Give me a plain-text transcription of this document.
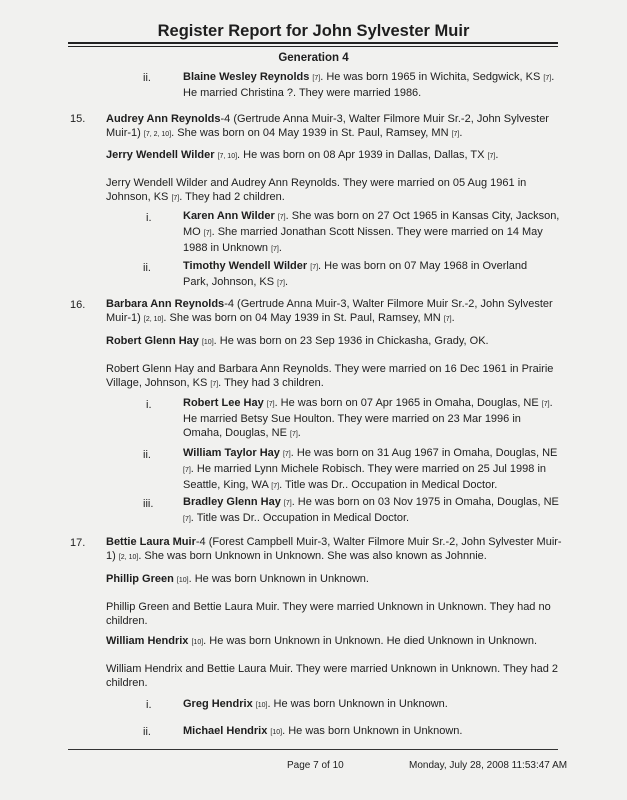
Register Report for John Sylvester Muir
Generation 4
ii.	Blaine Wesley Reynolds [7]. He was born 1965 in Wichita, Sedgwick, KS [7]. He married Christina ?. They were married 1986.

15. Audrey Ann Reynolds-4 (Gertrude Anna Muir-3, Walter Filmore Muir Sr.-2, John Sylvester Muir-1) [7, 2, 10]. She was born on 04 May 1939 in St. Paul, Ramsey, MN [7].

Jerry Wendell Wilder [7, 10]. He was born on 08 Apr 1939 in Dallas, Dallas, TX [7].

Jerry Wendell Wilder and Audrey Ann Reynolds. They were married on 05 Aug 1961 in Johnson, KS [7]. They had 2 children.

i.	Karen Ann Wilder [7]. She was born on 27 Oct 1965 in Kansas City, Jackson, MO [7]. She married Jonathan Scott Nissen. They were married on 14 May 1988 in Unknown [7].

ii.	Timothy Wendell Wilder [7]. He was born on 07 May 1968 in Overland Park, Johnson, KS [7].

16. Barbara Ann Reynolds-4 (Gertrude Anna Muir-3, Walter Filmore Muir Sr.-2, John Sylvester Muir-1) [2, 10]. She was born on 04 May 1939 in St. Paul, Ramsey, MN [7].

Robert Glenn Hay [10]. He was born on 23 Sep 1936 in Chickasha, Grady, OK.

Robert Glenn Hay and Barbara Ann Reynolds. They were married on 16 Dec 1961 in Prairie Village, Johnson, KS [7]. They had 3 children.

i.	Robert Lee Hay [7]. He was born on 07 Apr 1965 in Omaha, Douglas, NE [7]. He married Betsy Sue Houlton. They were married on 23 Mar 1996 in Omaha, Douglas, NE [7].

ii.	William Taylor Hay [7]. He was born on 31 Aug 1967 in Omaha, Douglas, NE [7]. He married Lynn Michele Robisch. They were married on 25 Jul 1998 in Seattle, King, WA [7]. Title was Dr.. Occupation in Medical Doctor.

iii.	Bradley Glenn Hay [7]. He was born on 03 Nov 1975 in Omaha, Douglas, NE [7]. Title was Dr.. Occupation in Medical Doctor.

17. Bettie Laura Muir-4 (Forest Campbell Muir-3, Walter Filmore Muir Sr.-2, John Sylvester Muir-1) [2, 10]. She was born Unknown in Unknown. She was also known as Johnnie.

Phillip Green [10]. He was born Unknown in Unknown.

Phillip Green and Bettie Laura Muir. They were married Unknown in Unknown. They had no children.

William Hendrix [10]. He was born Unknown in Unknown. He died Unknown in Unknown.

William Hendrix and Bettie Laura Muir. They were married Unknown in Unknown. They had 2 children.

i.	Greg Hendrix [10]. He was born Unknown in Unknown.

ii.	Michael Hendrix [10]. He was born Unknown in Unknown.

Page 7 of 10	Monday, July 28, 2008 11:53:47 AM
